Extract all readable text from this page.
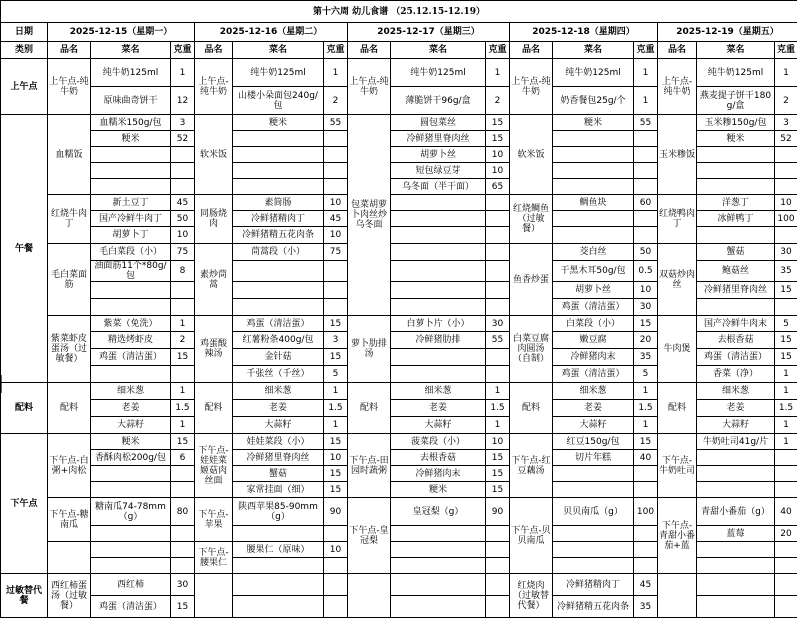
第十六周 幼儿食谱 （25.12.15-12.19）															
日期	2025-12-15（星期一）			2025-12-16（星期二）			2025-12-17（星期三）			2025-12-18（星期四）			2025-12-19（星期五）		
类别	品名	菜名	克重	品名	菜名	克重	品名	菜名	克重	品名	菜名	克重	品名	菜名	克重
上午点	上午点-纯牛奶	纯牛奶125ml	1	上午点-纯牛奶	纯牛奶125ml	1	上午点-纯牛奶	纯牛奶125ml	1	上午点-纯牛奶	纯牛奶125ml	1	上午点-纯牛奶	纯牛奶125ml	1
		原味曲奇饼干	12		山楼小朵面包240g/包	2		薄脆饼干96g/盒	2		奶香餐包25g/个	1		燕麦提子饼干180g/盒	2
午餐	血糯饭	血糯米150g/包	3	软米饭	粳米	55	包菜胡萝卜肉丝炒乌冬面	圆包菜丝	15	软米饭	粳米	55	玉米糁饭	玉米糁150g/包	3
		粳米	52					冷鲜猪里脊肉丝	15					粳米	52
								胡萝卜丝	10						
								短包绿豆芽	10						
								乌冬面（半干面）	65						
	红烧牛肉丁	新土豆丁	45	同肠烧肉	素简肠	10				红烧鲷鱼（过敏餐）	鲷鱼块	60	红烧鸭肉丁	洋葱丁	10
		国产冷鲜牛肉丁	50		冷鲜猪精肉丁	45								冰鲜鸭丁	100
		胡萝卜丁	10		冷鲜猪精五花肉条	10									
	毛白菜面筋	毛白菜段（小）	75	素炒茼蒿	茼蒿段（小）	75				鱼香炒蛋	茭白丝	50	双菇炒肉丝	蟹菇	30
		油面筋11个*80g/包	8								干黑木耳50g/包	0.5		鲍菇丝	35
											胡萝卜丝	10		冷鲜猪里脊肉丝	15
											鸡蛋（清洁蛋）	30			
	紫菜虾皮蛋汤（过敏餐）	紫菜（免洗）	1	鸡蛋酸辣汤	鸡蛋（清洁蛋）	15	萝卜肋排汤	白萝卜片（小）	30	白菜豆腐肉圆汤（自制）	白菜段（小）	15	牛肉煲	国产冷鲜牛肉末	5
		精选烤虾皮	2		红薯粉条400g/包	3		冷鲜猪肋排	55		嫩豆腐	20		去根香菇	15
		鸡蛋（清洁蛋）	15		金针菇	15					冷鲜猪肉末	35		鸡蛋（清洁蛋）	15
					千张丝（千丝）	5					鸡蛋（清洁蛋）	5		香菜（净）	1
配料	配料	细米葱	1	配料	细米葱	1	配料	细米葱	1	配料	细米葱	1	配料	细米葱	1
		老姜	1.5		老姜	1.5		老姜	1.5		老姜	1.5		老姜	1.5
		大蒜籽	1		大蒜籽	1		大蒜籽	1		大蒜籽	1		大蒜籽	1
下午点	下午点-白粥+肉松	粳米	15	下午点-娃娃菜姬菇肉丝面	娃娃菜段（小）	15	下午点-田园时蔬粥	菠菜段（小）	10	下午点-红豆藕汤	红豆150g/包	15	下午点-牛奶吐司	牛奶吐司41g/片	1
		香酥肉松200g/包	6		冷鲜猪里脊肉丝	10		去根香菇	15		切片年糕	40			
					蟹菇	15		冷鲜猪肉末	15						
					家常挂面（细）	15		粳米	15						
	下午点-糖南瓜	糖南瓜74-78mm（g）	80	下午点-苹果	陕西苹果85-90mm（g）	90	下午点-皇冠梨	皇冠梨（g）	90	下午点-贝贝南瓜	贝贝南瓜（g）	100	下午点-青甜小番茄+蓝	青甜小番茄（g）	40
														蓝莓	20
				下午点-腰果仁	腰果仁（原味）	10									

过敏替代餐	西红柿蛋汤（过敏餐）	西红柿	30							红烧肉（过敏替代餐）	冷鲜猪精肉丁	45			
		鸡蛋（清洁蛋）	15								冷鲜猪精五花肉条	35			
